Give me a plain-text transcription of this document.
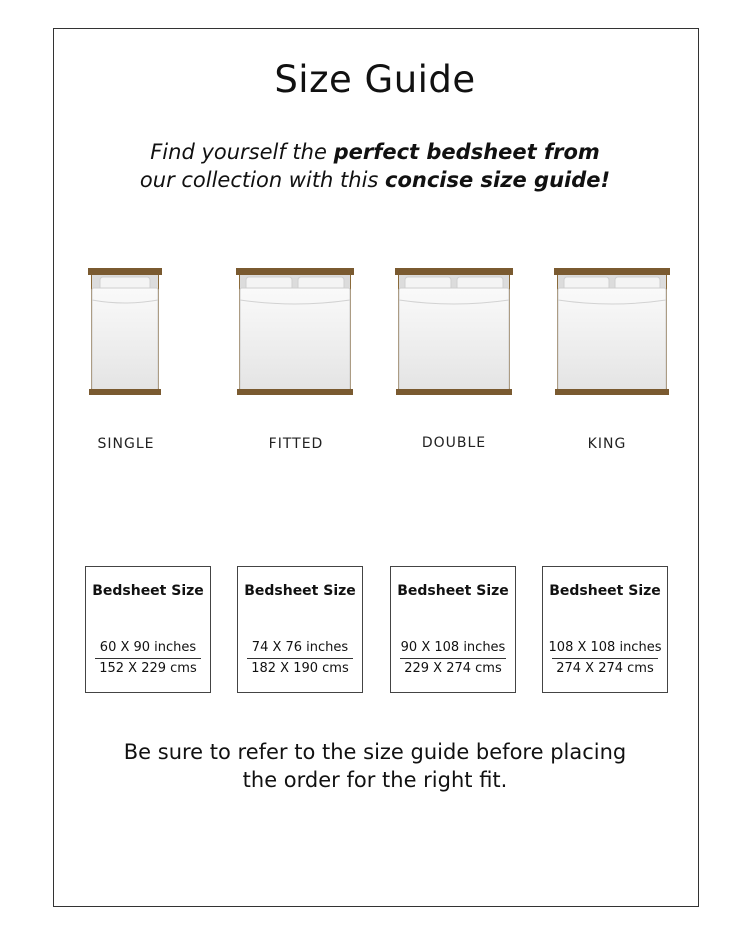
Size Guide
Find yourself the perfect bedsheet from
our collection with this concise size guide!
SINGLE	FITTED	DOUBLE	KING
Bedsheet Size
60 X 90 inches
152 X 229 cms
Bedsheet Size
74 X 76 inches
182 X 190 cms
Bedsheet Size
90 X 108 inches
229 X 274 cms
Bedsheet Size
108 X 108 inches
274 X 274 cms
Be sure to refer to the size guide before placing
the order for the right fit.
